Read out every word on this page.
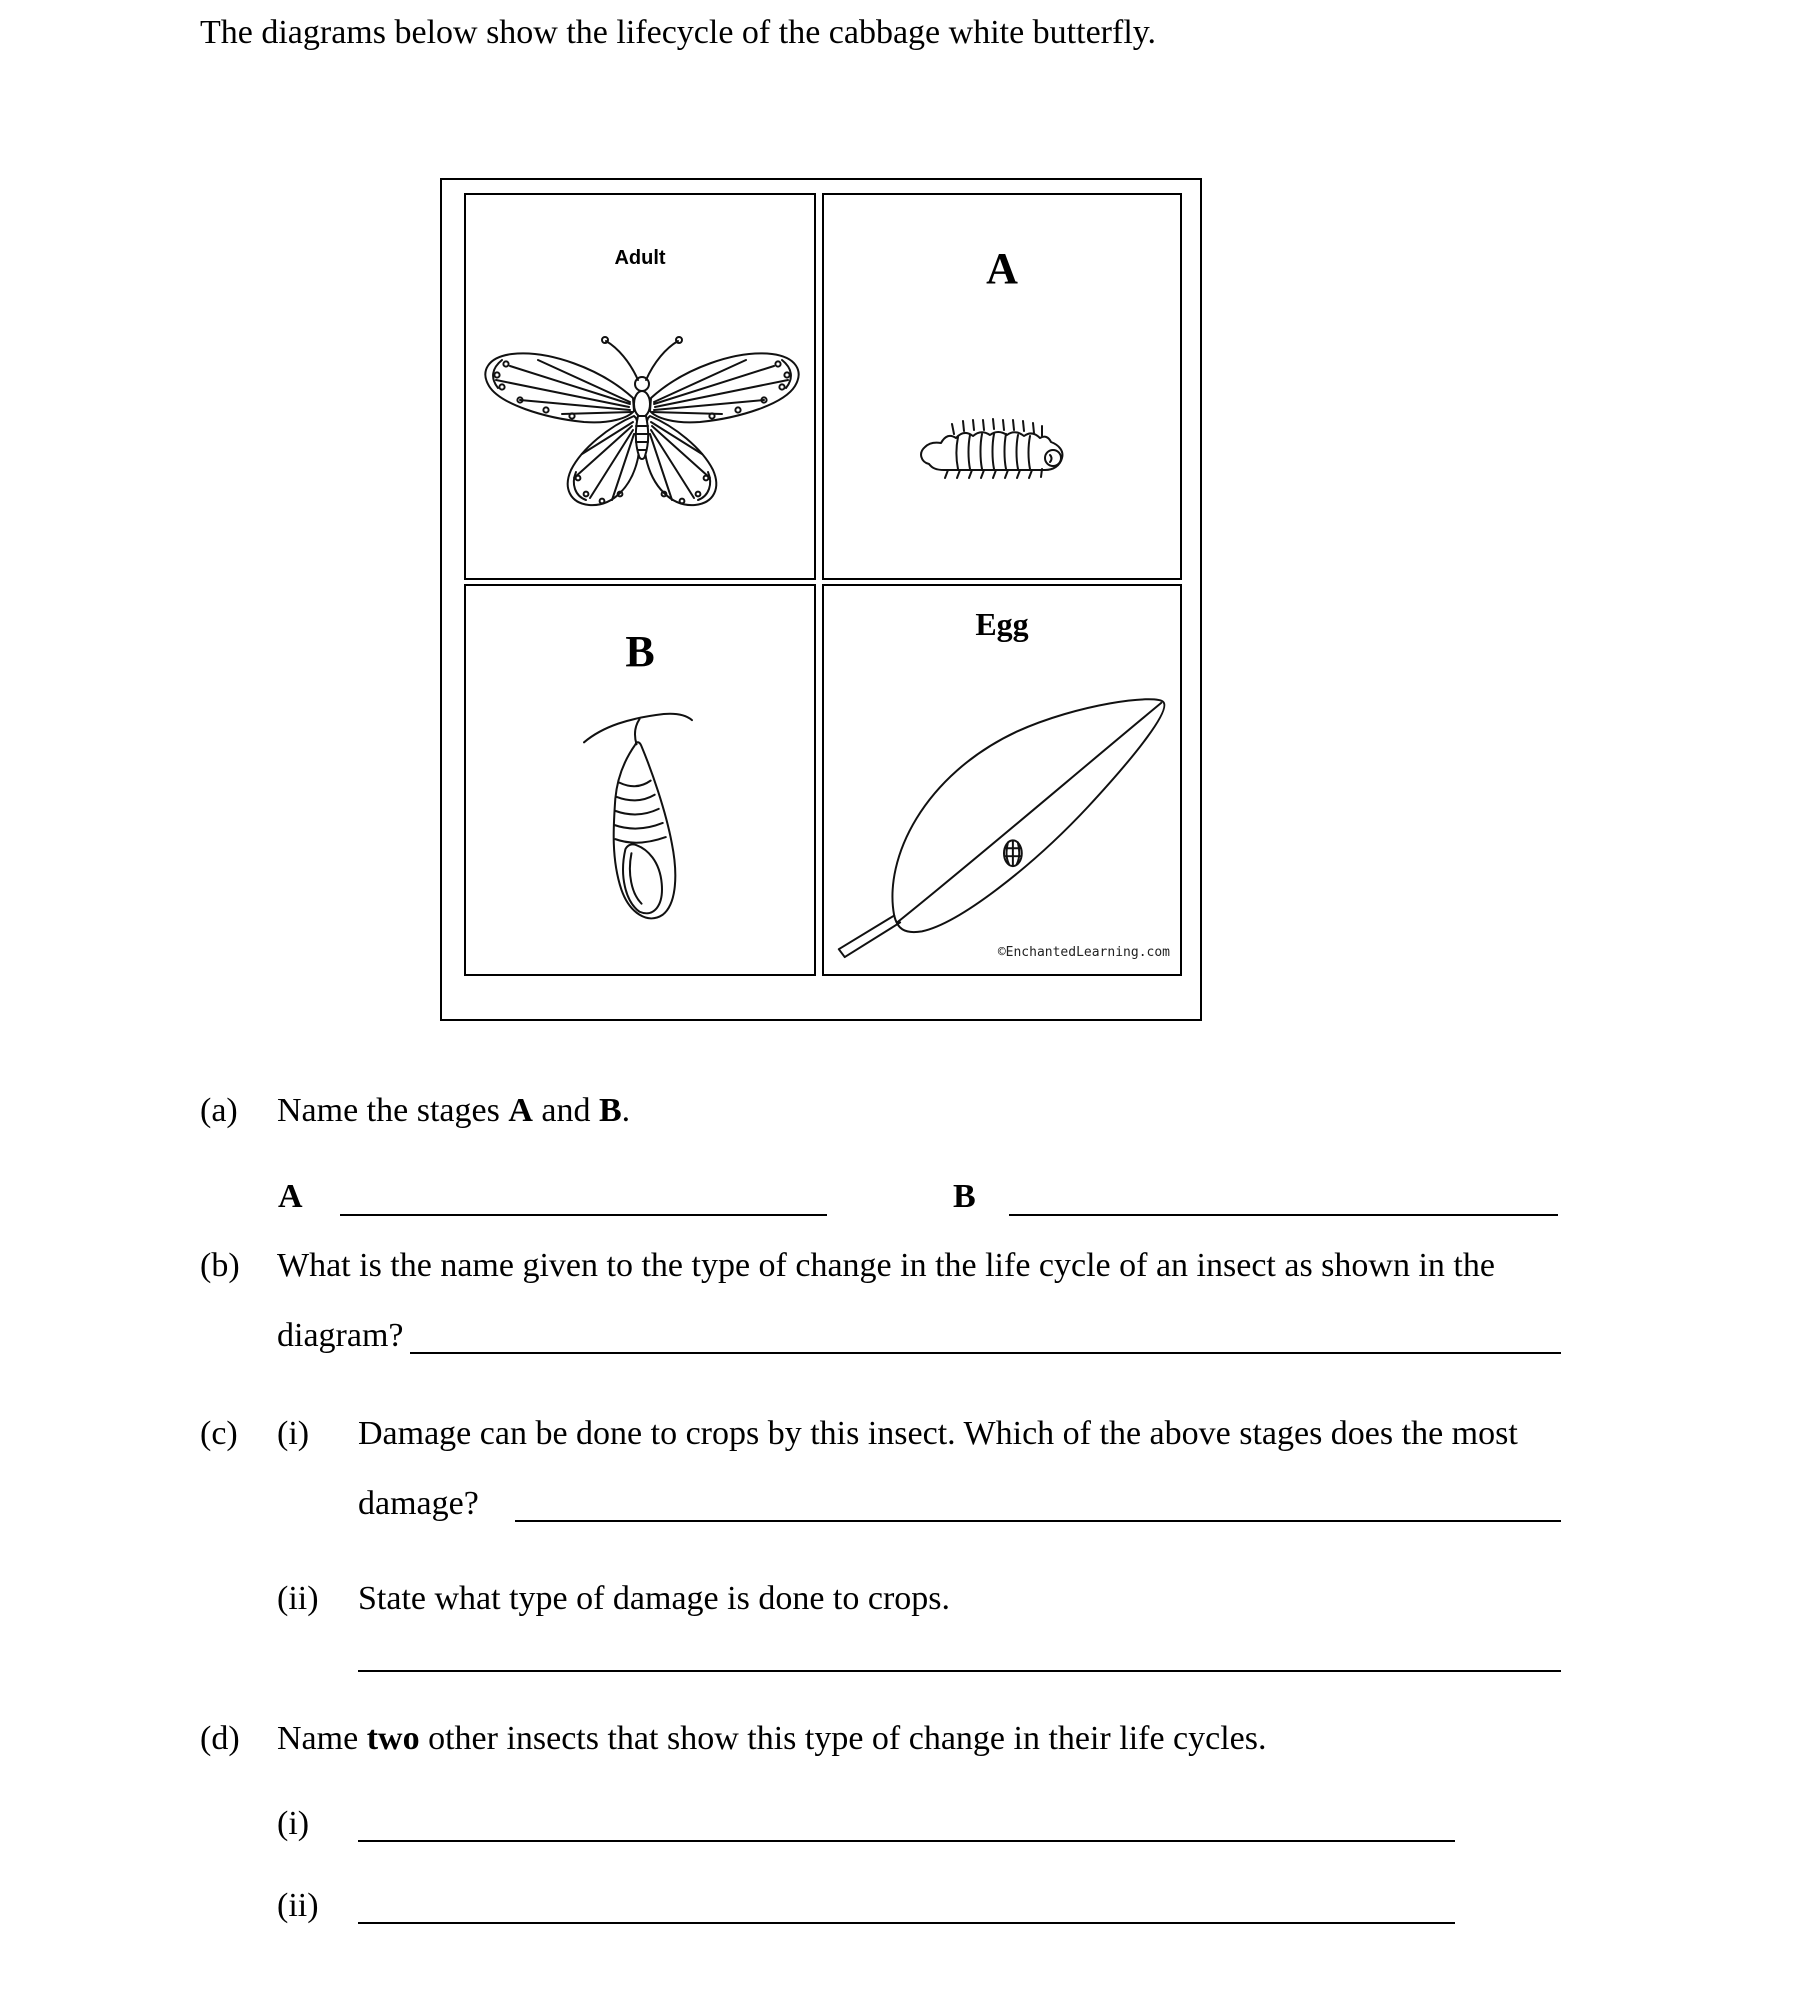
The diagrams below show the lifecycle of the cabbage white butterfly.
Adult	A
B
Egg
©EnchantedLearning.com
(a) Name the stages A and B.
A	B
(b) What is the name given to the type of change in the life cycle of an insect as shown in the
diagram?
(c) (i) Damage can be done to crops by this insect. Which of the above stages does the most
damage?
(ii) State what type of damage is done to crops.
(d) Name two other insects that show this type of change in their life cycles.
(i)
(ii)
